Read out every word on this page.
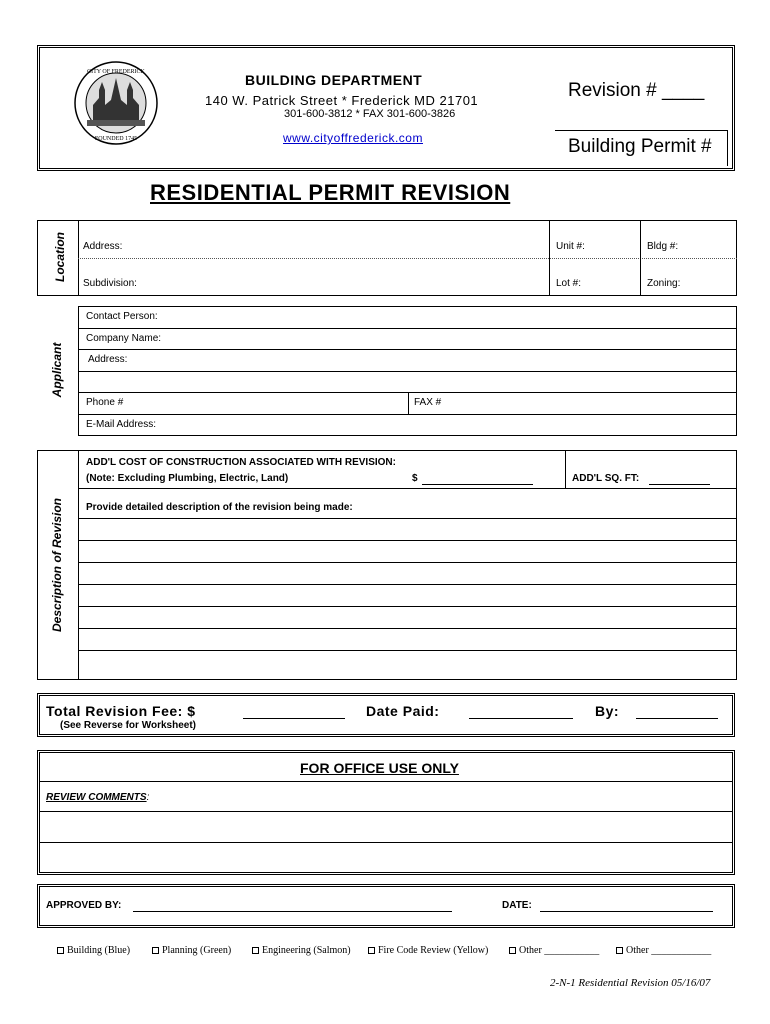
CITY OF FREDERICK
FOUNDED 1745
BUILDING DEPARTMENT
140 W. Patrick Street * Frederick MD 21701
301-600-3812 * FAX 301-600-3826
www.cityoffrederick.com
Revision # ____
Building Permit #
RESIDENTIAL PERMIT REVISION
Location Address:	Unit #:	Bldg #:
Subdivision:	Lot #:	Zoning:
Applicant
Contact Person:
Company Name:
Address:
Phone #	FAX #
E-Mail Address:
Description of Revision
ADD'L COST OF CONSTRUCTION ASSOCIATED WITH REVISION:
(Note: Excluding Plumbing, Electric, Land)	$	ADD'L SQ. FT:
Provide detailed description of the revision being made:
Total Revision Fee: $
(See Reverse for Worksheet)
Date Paid:	By:
FOR OFFICE USE ONLY
REVIEW COMMENTS:
APPROVED BY:	DATE:
Building (Blue)	Planning (Green)	Engineering (Salmon)	Fire Code Review (Yellow)	Other ___________	Other ____________
2-N-1 Residential Revision 05/16/07
